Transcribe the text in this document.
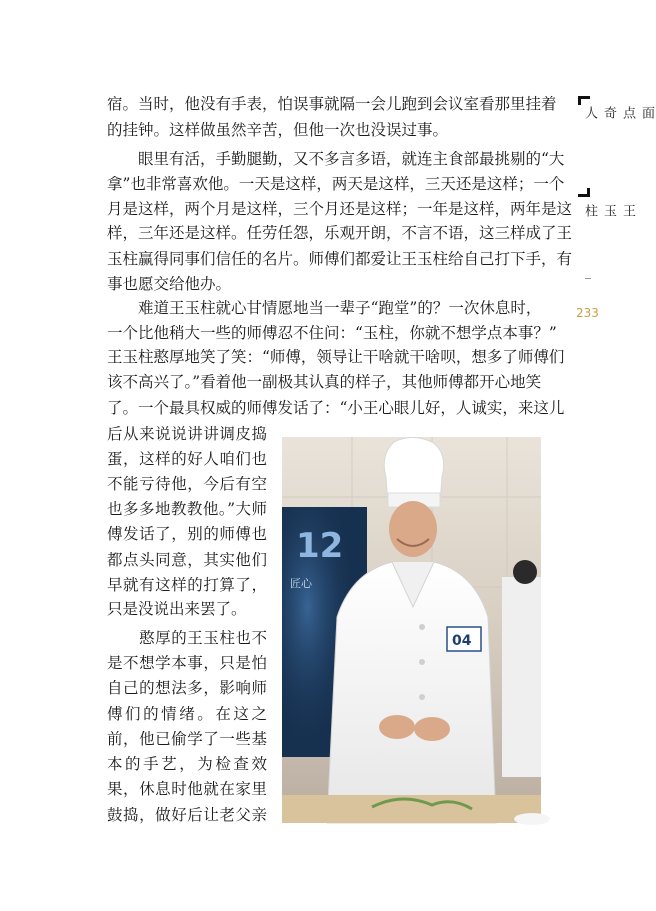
宿。当时，他没有手表，怕误事就隔一会儿跑到会议室看那里挂着
的挂钟。这样做虽然辛苦，但他一次也没误过事。
　　眼里有活，手勤腿勤，又不多言多语，就连主食部最挑剔的“大
拿”也非常喜欢他。一天是这样，两天是这样，三天还是这样；一个
月是这样，两个月是这样，三个月还是这样；一年是这样，两年是这
样，三年还是这样。任劳任怨，乐观开朗，不言不语，这三样成了王
玉柱赢得同事们信任的名片。师傅们都爱让王玉柱给自己打下手，有
事也愿交给他办。
　　难道王玉柱就心甘情愿地当一辈子“跑堂”的？一次休息时，
一个比他稍大一些的师傅忍不住问：“玉柱，你就不想学点本事？”
王玉柱憨厚地笑了笑：“师傅，领导让干啥就干啥呗，想多了师傅们
该不高兴了。”看着他一副极其认真的样子，其他师傅都开心地笑
了。一个最具权威的师傅发话了：“小王心眼儿好，人诚实，来这儿
后从来说说讲讲调皮捣
蛋，这样的好人咱们也
不能亏待他，今后有空
也多多地教教他。”大师
傅发话了，别的师傅也
都点头同意，其实他们
早就有这样的打算了，
只是没说出来罢了。
　　憨厚的王玉柱也不
是不想学本事，只是怕
自己的想法多，影响师
傅们的情绪。在这之
前，他已偷学了一些基
本的手艺，为检查效
果，休息时他就在家里
鼓捣，做好后让老父亲
12
匠心
04
面点奇人
王玉柱
233
